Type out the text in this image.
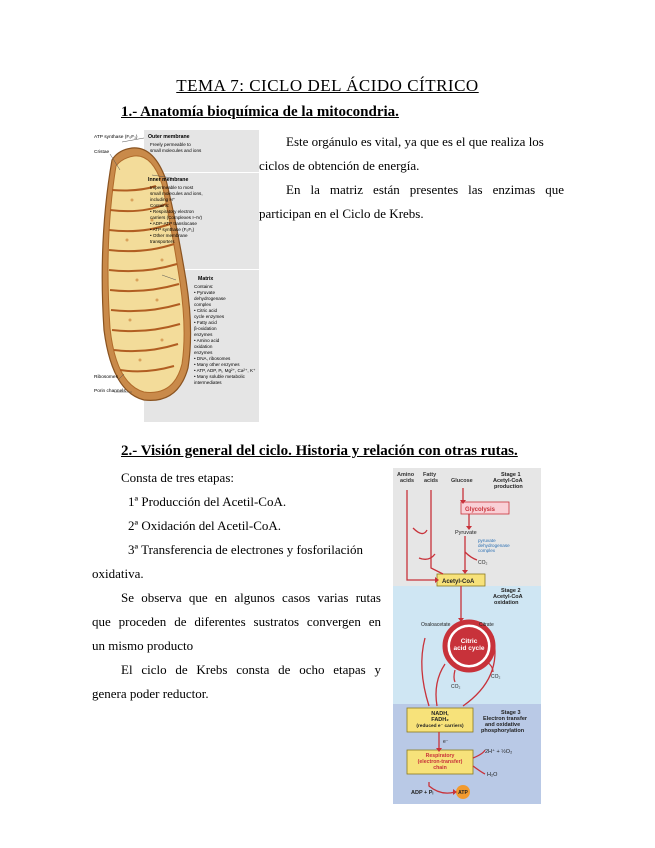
TEMA 7: CICLO DEL ÁCIDO CÍTRICO
1.- Anatomía bioquímica de la mitocondria.
ATP synthase (F₀F₁)
Cristae
Ribosomes
Porin channels
Outer membrane
Freely permeable to
small molecules and ions
Inner membrane
Impermeable to most
small molecules and ions,
including H⁺
Contains:
• Respiratory electron
carriers (Complexes I–IV)
• ADP-ATP translocase
• ATP synthase (F₀F₁)
• Other membrane
transporters
Matrix
Contains:
• Pyruvate
dehydrogenase
complex
• Citric acid
cycle enzymes
• Fatty acid
β-oxidation
enzymes
• Amino acid
oxidation
enzymes
• DNA, ribosomes
• Many other enzymes
• ATP, ADP, Pᵢ, Mg²⁺, Ca²⁺, K⁺
• Many soluble metabolic
intermediates
Este orgánulo es vital, ya que es el que realiza los
ciclos de obtención de energía.
En la matriz están presentes las enzimas que
participan en el Ciclo de Krebs.
2.- Visión general del ciclo. Historia y relación con otras rutas.
Consta de tres etapas:
1ª Producción del Acetil-CoA.
2ª Oxidación del Acetil-CoA.
3ª Transferencia de electrones y fosforilación
oxidativa.
Se observa que en algunos casos varias rutas
que proceden de diferentes sustratos convergen en
un mismo producto
El ciclo de Krebs consta de ocho etapas y
genera poder reductor.
Amino acids
Fatty acids Glucose
Stage 1 Acetyl-CoA production
Glycolysis
Pyruvate
pyruvate dehydrogenase complex
CO₂
Acetyl-CoA
Stage 2 Acetyl-CoA oxidation
Citric acid cycle
Oxaloacetate	Citrate
CO₂
CO₂
NADH, FADH₂ (reduced e⁻ carriers)
Stage 3 Electron transfer and oxidative phosphorylation
e⁻
Respiratory (electron-transfer) chain
2H⁺ + ½O₂
H₂O
ADP + Pᵢ	ATP
